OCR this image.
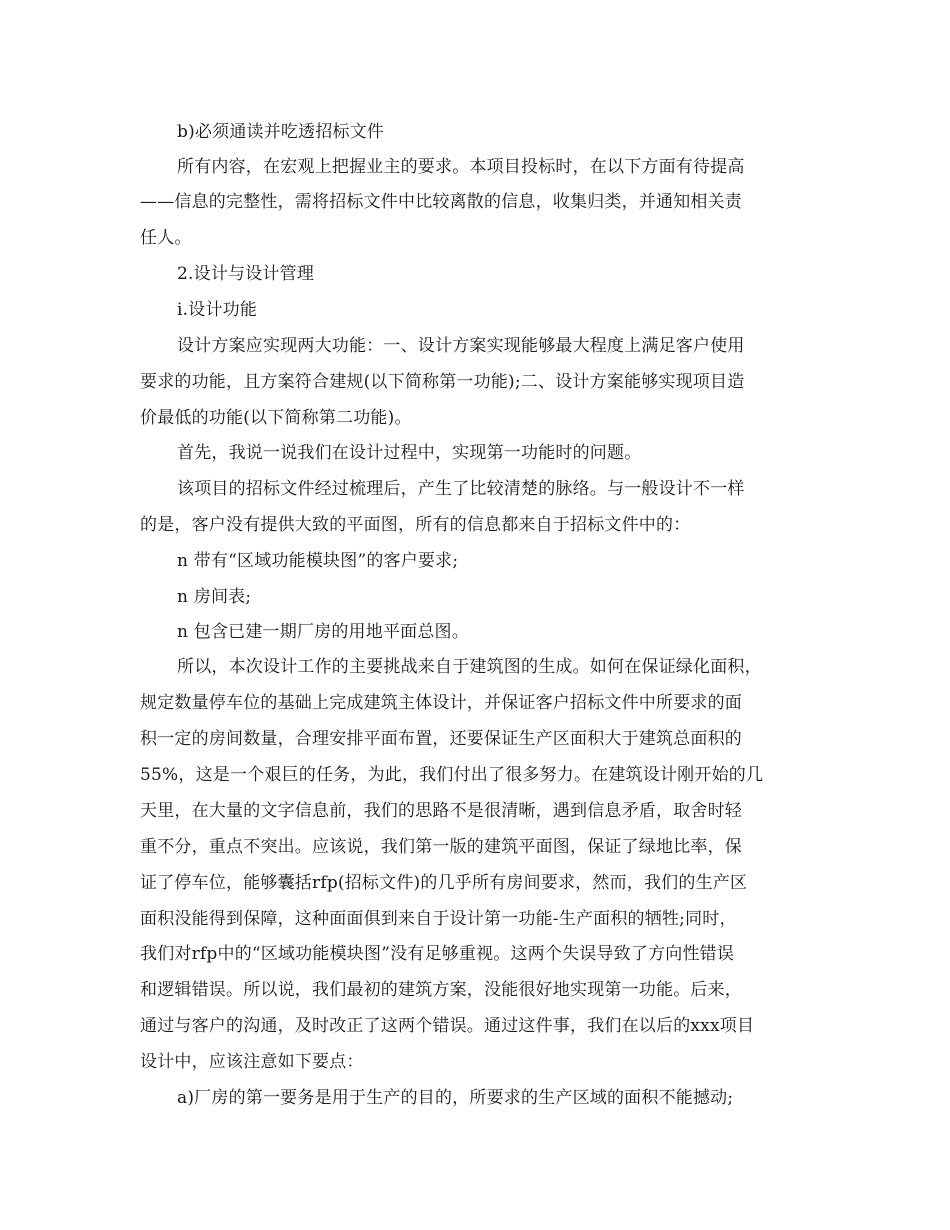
b)必须通读并吃透招标文件
所有内容，在宏观上把握业主的要求。本项目投标时，在以下方面有待提高
——信息的完整性，需将招标文件中比较离散的信息，收集归类，并通知相关责
任人。
2.设计与设计管理
i.设计功能
设计方案应实现两大功能：一、设计方案实现能够最大程度上满足客户使用
要求的功能，且方案符合建规(以下简称第一功能);二、设计方案能够实现项目造
价最低的功能(以下简称第二功能)。
首先，我说一说我们在设计过程中，实现第一功能时的问题。
该项目的招标文件经过梳理后，产生了比较清楚的脉络。与一般设计不一样
的是，客户没有提供大致的平面图，所有的信息都来自于招标文件中的：
n 带有“区域功能模块图”的客户要求;
n 房间表;
n 包含已建一期厂房的用地平面总图。
所以，本次设计工作的主要挑战来自于建筑图的生成。如何在保证绿化面积，
规定数量停车位的基础上完成建筑主体设计，并保证客户招标文件中所要求的面
积一定的房间数量，合理安排平面布置，还要保证生产区面积大于建筑总面积的
55%，这是一个艰巨的任务，为此，我们付出了很多努力。在建筑设计刚开始的几
天里，在大量的文字信息前，我们的思路不是很清晰，遇到信息矛盾，取舍时轻
重不分，重点不突出。应该说，我们第一版的建筑平面图，保证了绿地比率，保
证了停车位，能够囊括rfp(招标文件)的几乎所有房间要求，然而，我们的生产区
面积没能得到保障，这种面面俱到来自于设计第一功能-生产面积的牺牲;同时，
我们对rfp中的“区域功能模块图”没有足够重视。这两个失误导致了方向性错误
和逻辑错误。所以说，我们最初的建筑方案，没能很好地实现第一功能。后来，
通过与客户的沟通，及时改正了这两个错误。通过这件事，我们在以后的xxx项目
设计中，应该注意如下要点：
a)厂房的第一要务是用于生产的目的，所要求的生产区域的面积不能撼动;
